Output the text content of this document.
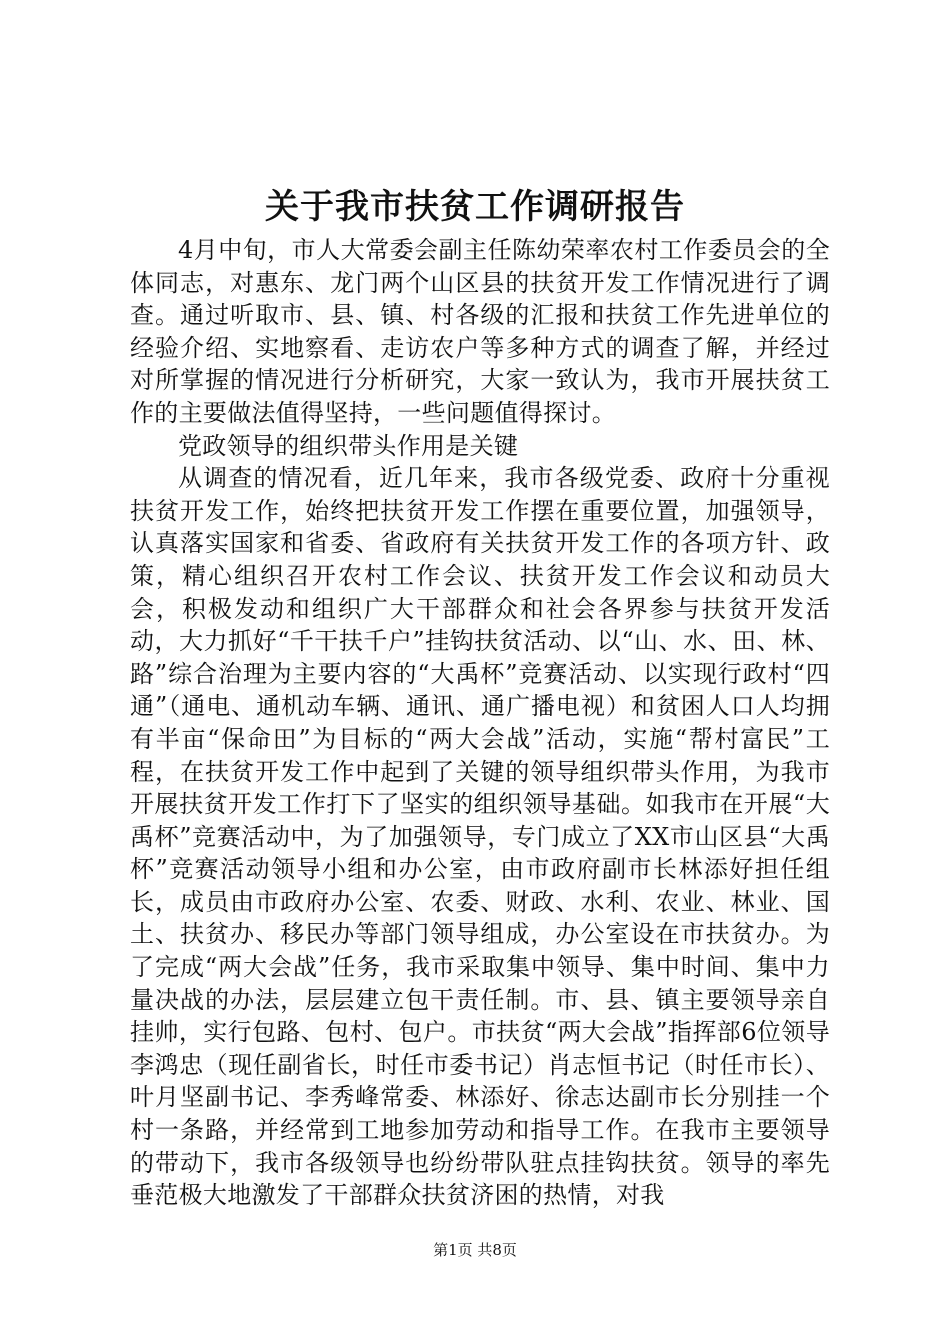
关于我市扶贫工作调研报告

4月中旬，市人大常委会副主任陈幼荣率农村工作委员会的全体同志，对惠东、龙门两个山区县的扶贫开发工作情况进行了调查。通过听取市、县、镇、村各级的汇报和扶贫工作先进单位的经验介绍、实地察看、走访农户等多种方式的调查了解，并经过对所掌握的情况进行分析研究，大家一致认为，我市开展扶贫工作的主要做法值得坚持，一些问题值得探讨。

党政领导的组织带头作用是关键

从调查的情况看，近几年来，我市各级党委、政府十分重视扶贫开发工作，始终把扶贫开发工作摆在重要位置，加强领导，认真落实国家和省委、省政府有关扶贫开发工作的各项方针、政策，精心组织召开农村工作会议、扶贫开发工作会议和动员大会，积极发动和组织广大干部群众和社会各界参与扶贫开发活动，大力抓好“千干扶千户”挂钩扶贫活动、以“山、水、田、林、路”综合治理为主要内容的“大禹杯”竞赛活动、以实现行政村“四通”（通电、通机动车辆、通讯、通广播电视）和贫困人口人均拥有半亩“保命田”为目标的“两大会战”活动，实施“帮村富民”工程，在扶贫开发工作中起到了关键的领导组织带头作用，为我市开展扶贫开发工作打下了坚实的组织领导基础。如我市在开展“大禹杯”竞赛活动中，为了加强领导，专门成立了XX市山区县“大禹杯”竞赛活动领导小组和办公室，由市政府副市长林添好担任组长，成员由市政府办公室、农委、财政、水利、农业、林业、国土、扶贫办、移民办等部门领导组成，办公室设在市扶贫办。为了完成“两大会战”任务，我市采取集中领导、集中时间、集中力量决战的办法，层层建立包干责任制。市、县、镇主要领导亲自挂帅，实行包路、包村、包户。市扶贫“两大会战”指挥部6位领导李鸿忠（现任副省长，时任市委书记）肖志恒书记（时任市长）、叶月坚副书记、李秀峰常委、林添好、徐志达副市长分别挂一个村一条路，并经常到工地参加劳动和指导工作。在我市主要领导的带动下，我市各级领导也纷纷带队驻点挂钩扶贫。领导的率先垂范极大地激发了干部群众扶贫济困的热情，对我

第1页 共8页
